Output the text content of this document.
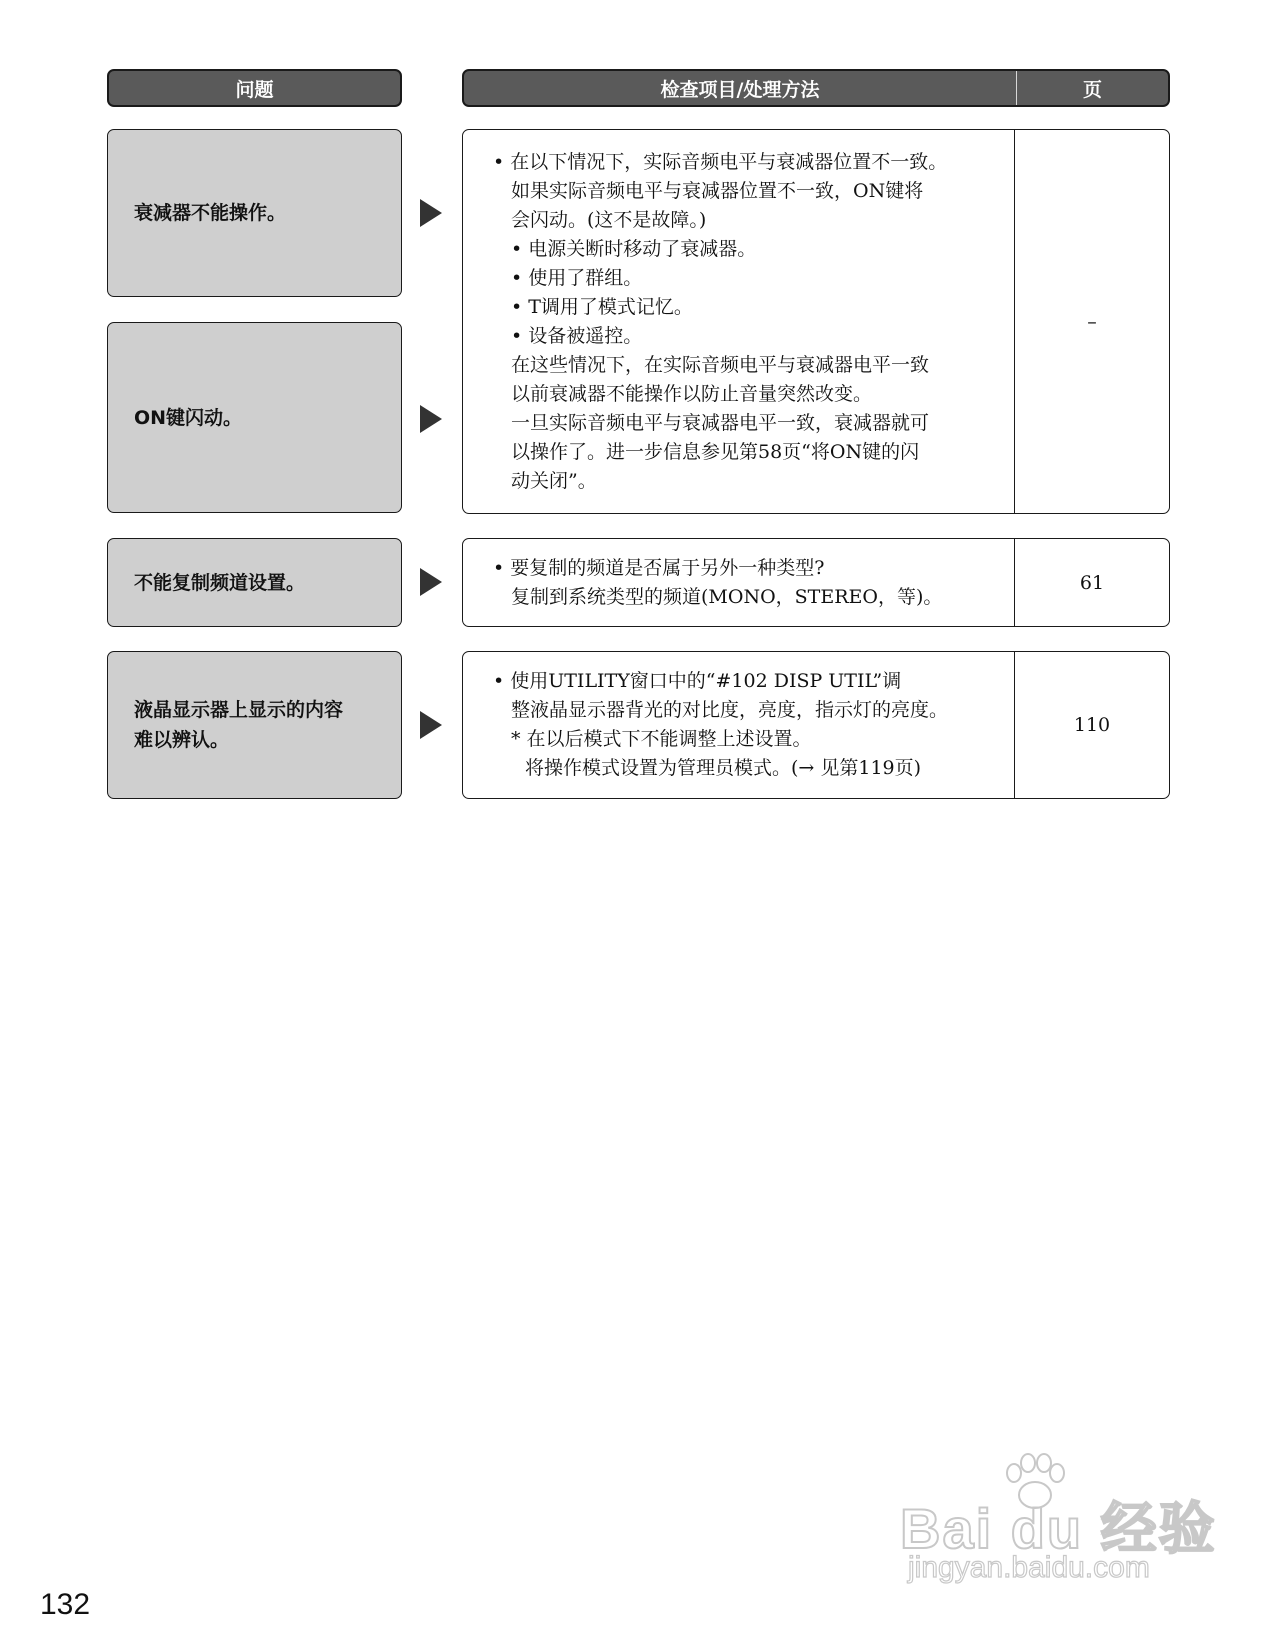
问题	检查项目/处理方法	页
衰减器不能操作。
ON键闪动。
• 在以下情况下，实际音频电平与衰减器位置不一致。
如果实际音频电平与衰减器位置不一致，ON键将
会闪动。(这不是故障。)
• 电源关断时移动了衰减器。
• 使用了群组。
• T调用了模式记忆。
• 设备被遥控。
在这些情况下，在实际音频电平与衰减器电平一致
以前衰减器不能操作以防止音量突然改变。
一旦实际音频电平与衰减器电平一致，衰减器就可
以操作了。进一步信息参见第58页“将ON键的闪
动关闭”。
–
不能复制频道设置。
• 要复制的频道是否属于另外一种类型?
复制到系统类型的频道(MONO，STEREO，等)。
61
液晶显示器上显示的内容
难以辨认。
• 使用UTILITY窗口中的“#102 DISP UTIL”调
整液晶显示器背光的对比度，亮度，指示灯的亮度。
* 在以后模式下不能调整上述设置。
将操作模式设置为管理员模式。(→ 见第119页)
110
132
Bai du 经验
jingyan.baidu.com
